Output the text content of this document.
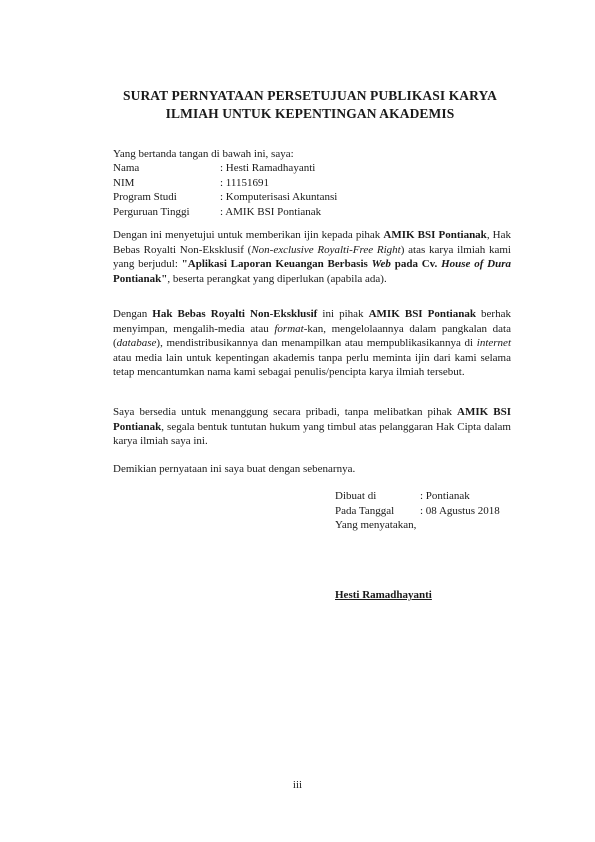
SURAT PERNYATAAN PERSETUJUAN PUBLIKASI KARYA
ILMIAH UNTUK KEPENTINGAN AKADEMIS
Yang bertanda tangan di bawah ini, saya:
Nama	: Hesti Ramadhayanti
NIM	: 11151691
Program Studi	: Komputerisasi Akuntansi
Perguruan Tinggi	: AMIK BSI Pontianak
Dengan ini menyetujui untuk memberikan ijin kepada pihak AMIK BSI Pontianak, Hak Bebas Royalti Non-Eksklusif (Non-exclusive Royalti-Free Right) atas karya ilmiah kami yang berjudul: "Aplikasi Laporan Keuangan Berbasis Web pada Cv. House of Dura Pontianak", beserta perangkat yang diperlukan (apabila ada).
Dengan Hak Bebas Royalti Non-Eksklusif ini pihak AMIK BSI Pontianak berhak menyimpan, mengalih-media atau format-kan, mengelolaannya dalam pangkalan data (database), mendistribusikannya dan menampilkan atau mempublikasikannya di internet atau media lain untuk kepentingan akademis tanpa perlu meminta ijin dari kami selama tetap mencantumkan nama kami sebagai penulis/pencipta karya ilmiah tersebut.
Saya bersedia untuk menanggung secara pribadi, tanpa melibatkan pihak AMIK BSI Pontianak, segala bentuk tuntutan hukum yang timbul atas pelanggaran Hak Cipta dalam karya ilmiah saya ini.
Demikian pernyataan ini saya buat dengan sebenarnya.
Dibuat di	: Pontianak
Pada Tanggal	: 08 Agustus 2018
Yang menyatakan,
Hesti Ramadhayanti
iii
